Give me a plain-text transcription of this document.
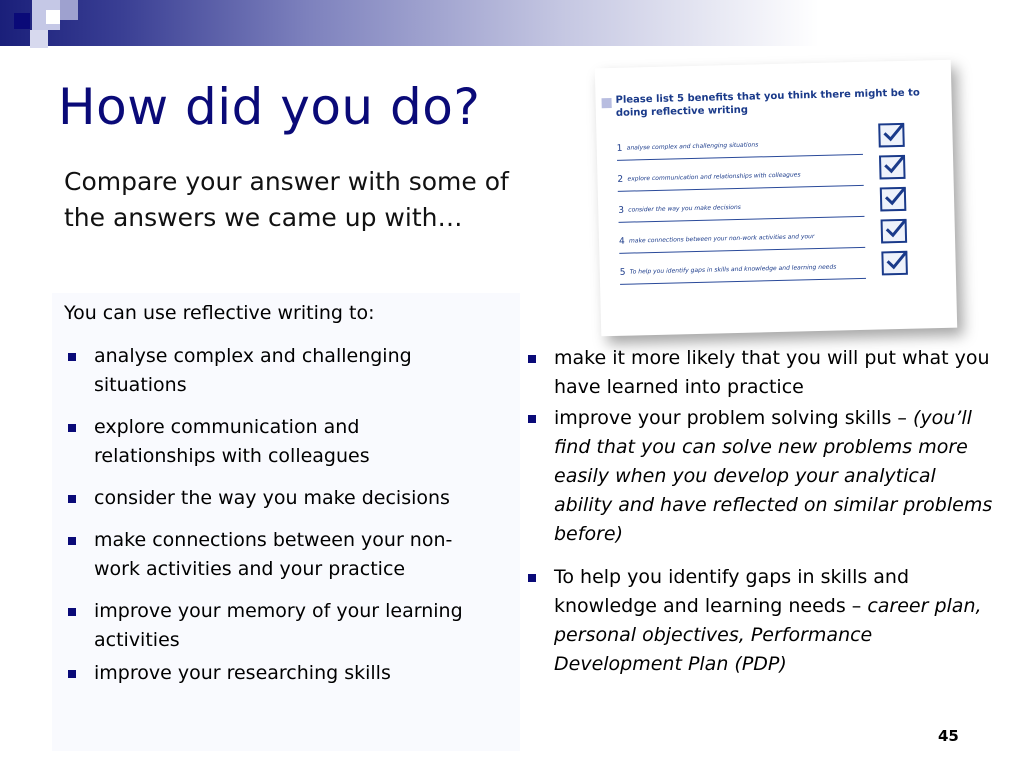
How did you do?

Compare your answer with some of the answers we came up with…

Please list 5 benefits that you think there might be to doing reflective writing
1 analyse complex and challenging situations
2 explore communication and relationships with colleagues
3 consider the way you make decisions
4 make connections between your non-work activities and your
5 To help you identify gaps in skills and knowledge and learning needs
You can use reflective writing to:
analyse complex and challenging situations
explore communication and relationships with colleagues
consider the way you make decisions
make connections between your non-work activities and your practice
improve your memory of your learning activities
improve your researching skills
make it more likely that you will put what you have learned into practice
improve your problem solving skills – (you’ll find that you can solve new problems more easily when you develop your analytical ability and have reflected on similar problems before)
To help you identify gaps in skills and knowledge and learning needs – career plan, personal objectives, Performance Development Plan (PDP)
45
